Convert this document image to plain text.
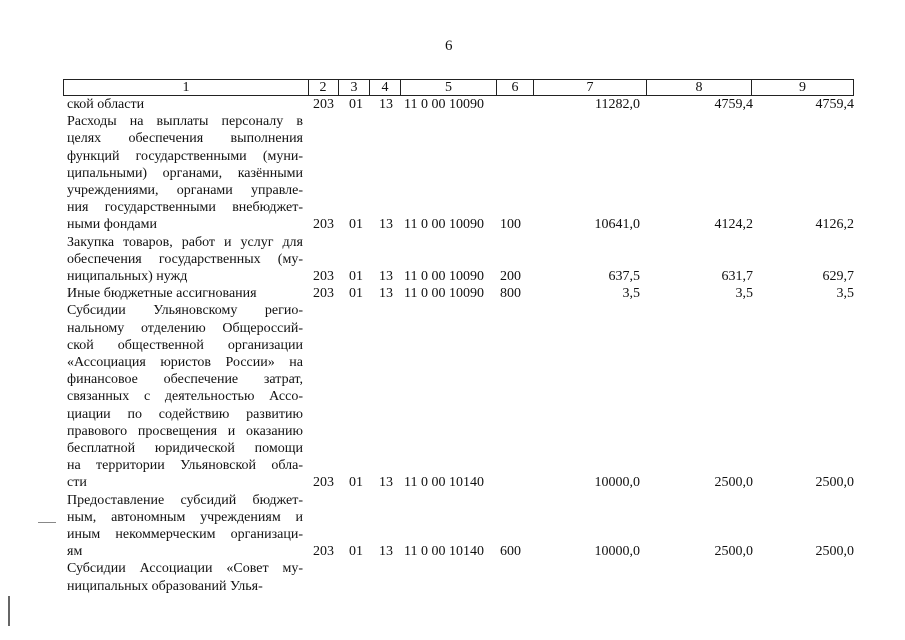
6
1	2	3	4	5	6	7	8	9
ской области	203 01 13 11 0 00 10090	11282,0	4759,4	4759,4
Расходы на выплаты персоналу в
целях обеспечения выполнения
функций государственными (муни-
ципальными) органами, казёнными
учреждениями, органами управле-
ния государственными внебюджет-
ными фондами	203 01 13 11 0 00 10090 100	10641,0	4124,2	4126,2
Закупка товаров, работ и услуг для
обеспечения государственных (му-
ниципальных) нужд	203 01 13 11 0 00 10090 200	637,5	631,7	629,7
Иные бюджетные ассигнования	203 01 13 11 0 00 10090 800	3,5	3,5	3,5
Субсидии Ульяновскому регио-
нальному отделению Общероссий-
ской общественной организации
«Ассоциация юристов России» на
финансовое обеспечение затрат,
связанных с деятельностью Ассо-
циации по содействию развитию
правового просвещения и оказанию
бесплатной юридической помощи
на территории Ульяновской обла-
сти	203 01 13 11 0 00 10140	10000,0	2500,0	2500,0
Предоставление субсидий бюджет-
ным, автономным учреждениям и
иным некоммерческим организаци-
ям	203 01 13 11 0 00 10140 600	10000,0	2500,0	2500,0
Субсидии Ассоциации «Совет му-
ниципальных образований Улья-
